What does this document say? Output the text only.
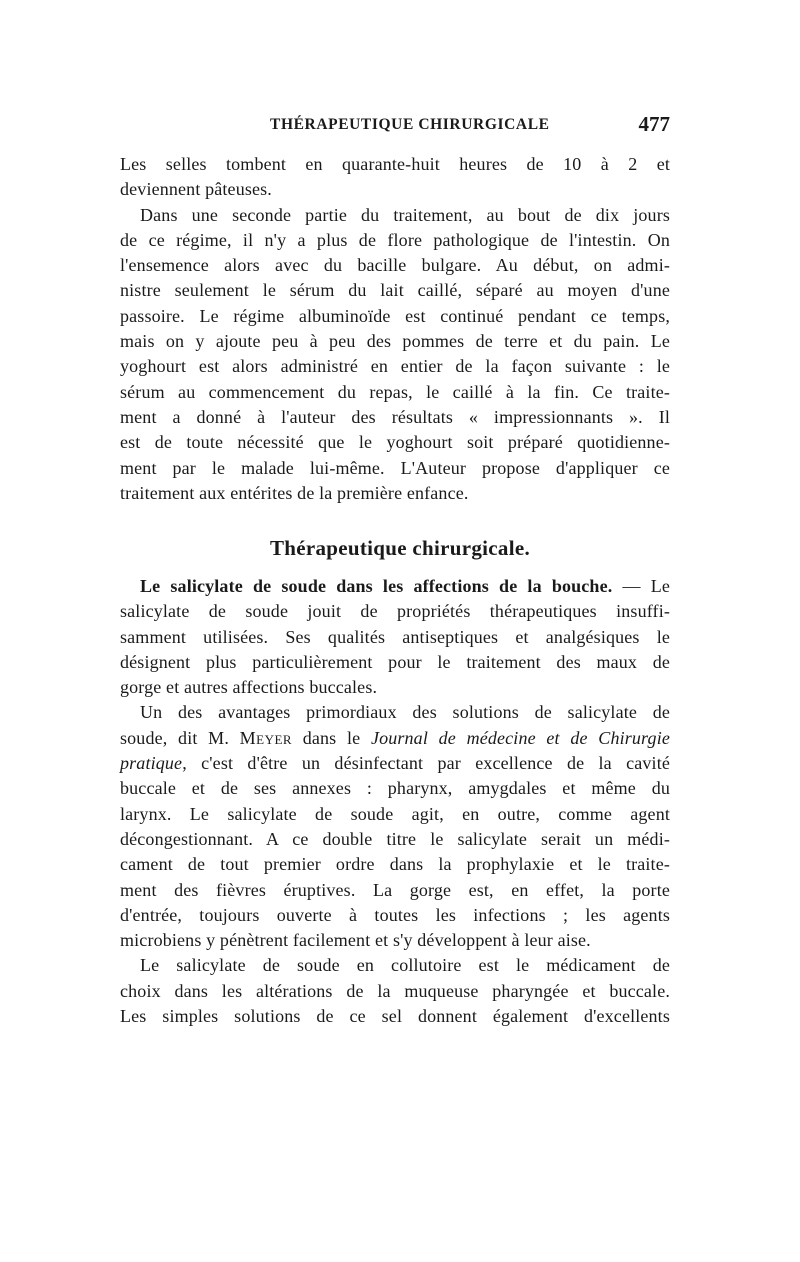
THÉRAPEUTIQUE CHIRURGICALE	477
Les selles tombent en quarante-huit heures de 10 à 2 et
deviennent pâteuses.
Dans une seconde partie du traitement, au bout de dix jours
de ce régime, il n'y a plus de flore pathologique de l'intestin. On
l'ensemence alors avec du bacille bulgare. Au début, on admi-
nistre seulement le sérum du lait caillé, séparé au moyen d'une
passoire. Le régime albuminoïde est continué pendant ce temps,
mais on y ajoute peu à peu des pommes de terre et du pain. Le
yoghourt est alors administré en entier de la façon suivante : le
sérum au commencement du repas, le caillé à la fin. Ce traite-
ment a donné à l'auteur des résultats « impressionnants ». Il
est de toute nécessité que le yoghourt soit préparé quotidienne-
ment par le malade lui-même. L'Auteur propose d'appliquer ce
traitement aux entérites de la première enfance.
Thérapeutique chirurgicale.
Le salicylate de soude dans les affections de la bouche. — Le
salicylate de soude jouit de propriétés thérapeutiques insuffi-
samment utilisées. Ses qualités antiseptiques et analgésiques le
désignent plus particulièrement pour le traitement des maux de
gorge et autres affections buccales.
Un des avantages primordiaux des solutions de salicylate de
soude, dit M. Meyer dans le Journal de médecine et de Chirurgie
pratique, c'est d'être un désinfectant par excellence de la cavité
buccale et de ses annexes : pharynx, amygdales et même du
larynx. Le salicylate de soude agit, en outre, comme agent
décongestionnant. A ce double titre le salicylate serait un médi-
cament de tout premier ordre dans la prophylaxie et le traite-
ment des fièvres éruptives. La gorge est, en effet, la porte
d'entrée, toujours ouverte à toutes les infections ; les agents
microbiens y pénètrent facilement et s'y développent à leur aise.
Le salicylate de soude en collutoire est le médicament de
choix dans les altérations de la muqueuse pharyngée et buccale.
Les simples solutions de ce sel donnent également d'excellents
